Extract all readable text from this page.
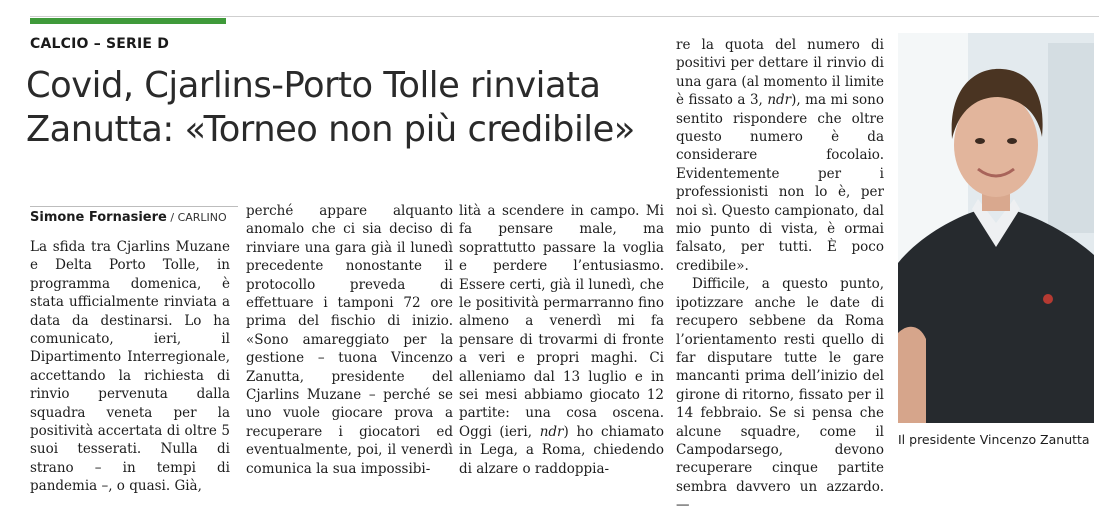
CALCIO – SERIE D
Covid, Cjarlins-Porto Tolle rinviata
Zanutta: «Torneo non più credibile»
Simone Fornasiere / CARLINO

La sfida tra Cjarlins Muzane e Delta Porto Tolle, in programma domenica, è stata ufficialmente rinviata a data da destinarsi. Lo ha comunicato, ieri, il Dipartimento Interregionale, accettando la richiesta di rinvio pervenuta dalla squadra veneta per la positività accertata di oltre 5 suoi tesserati. Nulla di strano – in tempi di pandemia –, o quasi. Già,

perché appare alquanto anomalo che ci sia deciso di rinviare una gara già il lunedì precedente nonostante il protocollo preveda di effettuare i tamponi 72 ore prima del fischio di inizio. «Sono amareggiato per la gestione – tuona Vincenzo Zanutta, presidente del Cjarlins Muzane – perché se uno vuole giocare prova a recuperare i giocatori ed eventualmente, poi, il venerdì comunica la sua impossibi-

lità a scendere in campo. Mi fa pensare male, ma soprattutto passare la voglia e perdere l’entusiasmo. Essere certi, già il lunedì, che le positività permarranno fino almeno a venerdì mi fa pensare di trovarmi di fronte a veri e propri maghi. Ci alleniamo dal 13 luglio e in sei mesi abbiamo giocato 12 partite: una cosa oscena. Oggi (ieri, ndr) ho chiamato in Lega, a Roma, chiedendo di alzare o raddoppia-

re la quota del numero di positivi per dettare il rinvio di una gara (al momento il limite è fissato a 3, ndr), ma mi sono sentito rispondere che oltre questo numero è da considerare focolaio. Evidentemente per i professionisti non lo è, per noi sì. Questo campionato, dal mio punto di vista, è ormai falsato, per tutti. È poco credibile».

Difficile, a questo punto, ipotizzare anche le date di recupero sebbene da Roma l’orientamento resti quello di far disputare tutte le gare mancanti prima dell’inizio del girone di ritorno, fissato per il 14 febbraio. Se si pensa che alcune squadre, come il Campodarsego, devono recuperare cinque partite sembra davvero un azzardo. —

Il presidente Vincenzo Zanutta
